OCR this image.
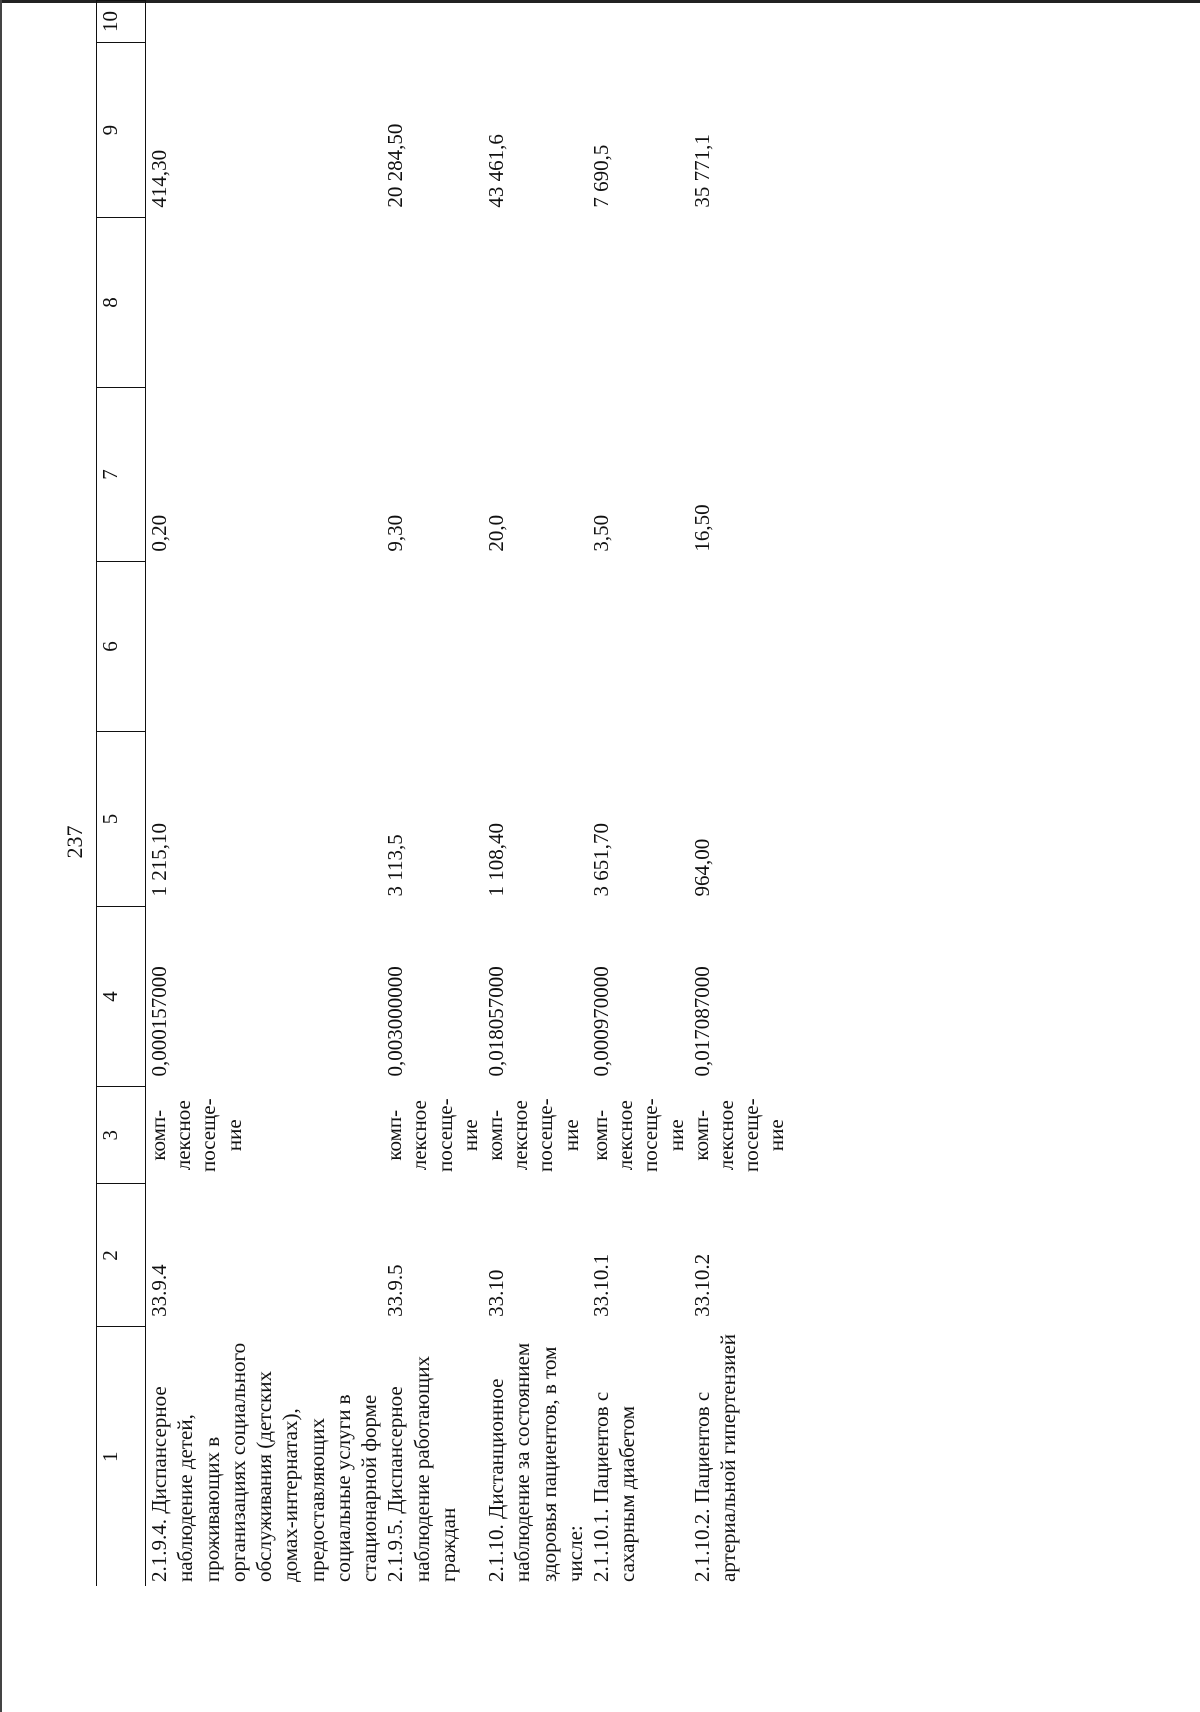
237
1	2	3	4	5	6	7	8	9	10
2.1.9.4. Диспансерное наблюдение детей, проживающих в организациях социального обслуживания (детских домах-интернатах), предоставляющих социальные услуги в стационарной форме	33.9.4	комп- лексное посеще- ние	0,000157000	1 215,10		0,20		414,30	
2.1.9.5. Диспансерное наблюдение работающих граждан	33.9.5	комп- лексное посеще- ние	0,003000000	3 113,5		9,30		20 284,50	
2.1.10. Дистанционное наблюдение за состоянием здоровья пациентов, в том числе:	33.10	комп- лексное посеще- ние	0,018057000	1 108,40		20,0		43 461,6	
2.1.10.1. Пациентов с сахарным диабетом	33.10.1	комп- лексное посеще- ние	0,000970000	3 651,70		3,50		7 690,5	
2.1.10.2. Пациентов с артериальной гипертензией	33.10.2	комп- лексное посеще- ние	0,017087000	964,00		16,50		35 771,1	
